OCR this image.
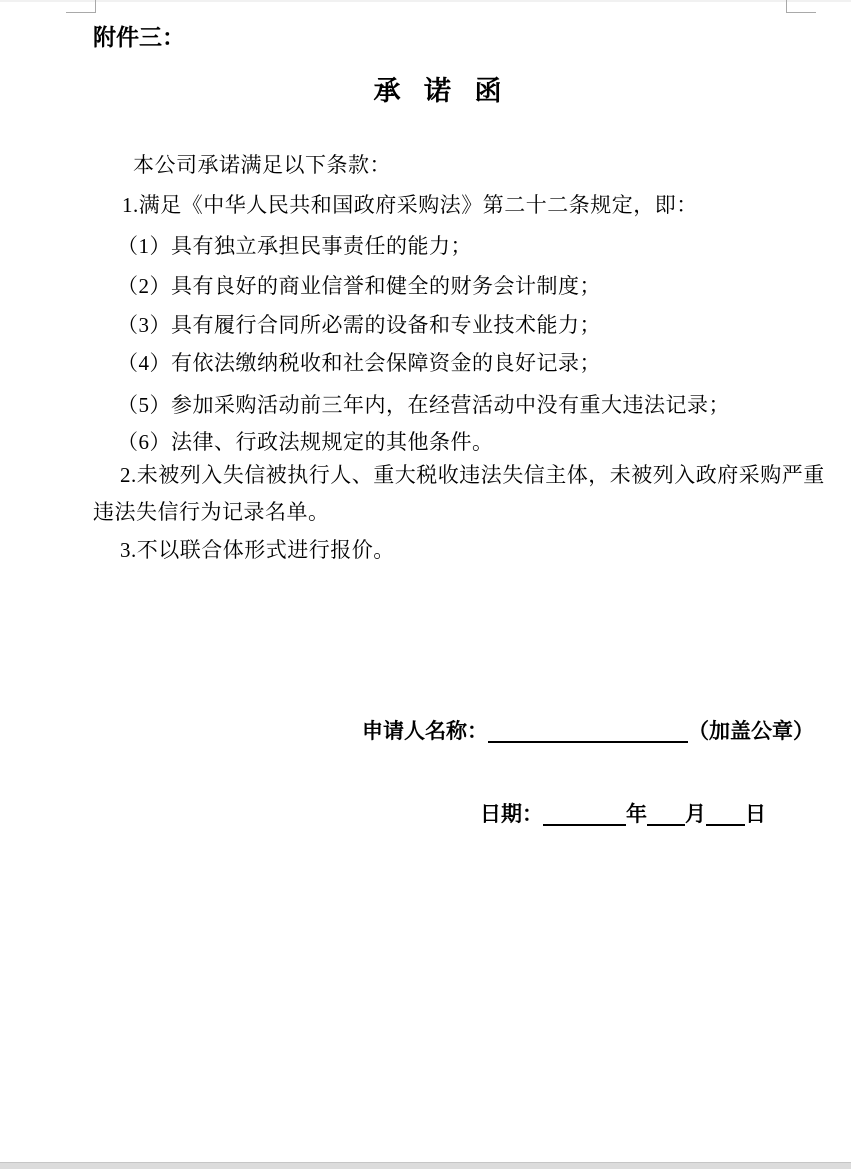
附件三：
承 诺 函
本公司承诺满足以下条款：
1.满足《中华人民共和国政府采购法》第二十二条规定，即：
（1）具有独立承担民事责任的能力；
（2）具有良好的商业信誉和健全的财务会计制度；
（3）具有履行合同所必需的设备和专业技术能力；
（4）有依法缴纳税收和社会保障资金的良好记录；
（5）参加采购活动前三年内，在经营活动中没有重大违法记录；
（6）法律、行政法规规定的其他条件。
2.未被列入失信被执行人、重大税收违法失信主体，未被列入政府采购严重
违法失信行为记录名单。
3.不以联合体形式进行报价。
申请人名称：	（加盖公章）
日期：	年 月 日
